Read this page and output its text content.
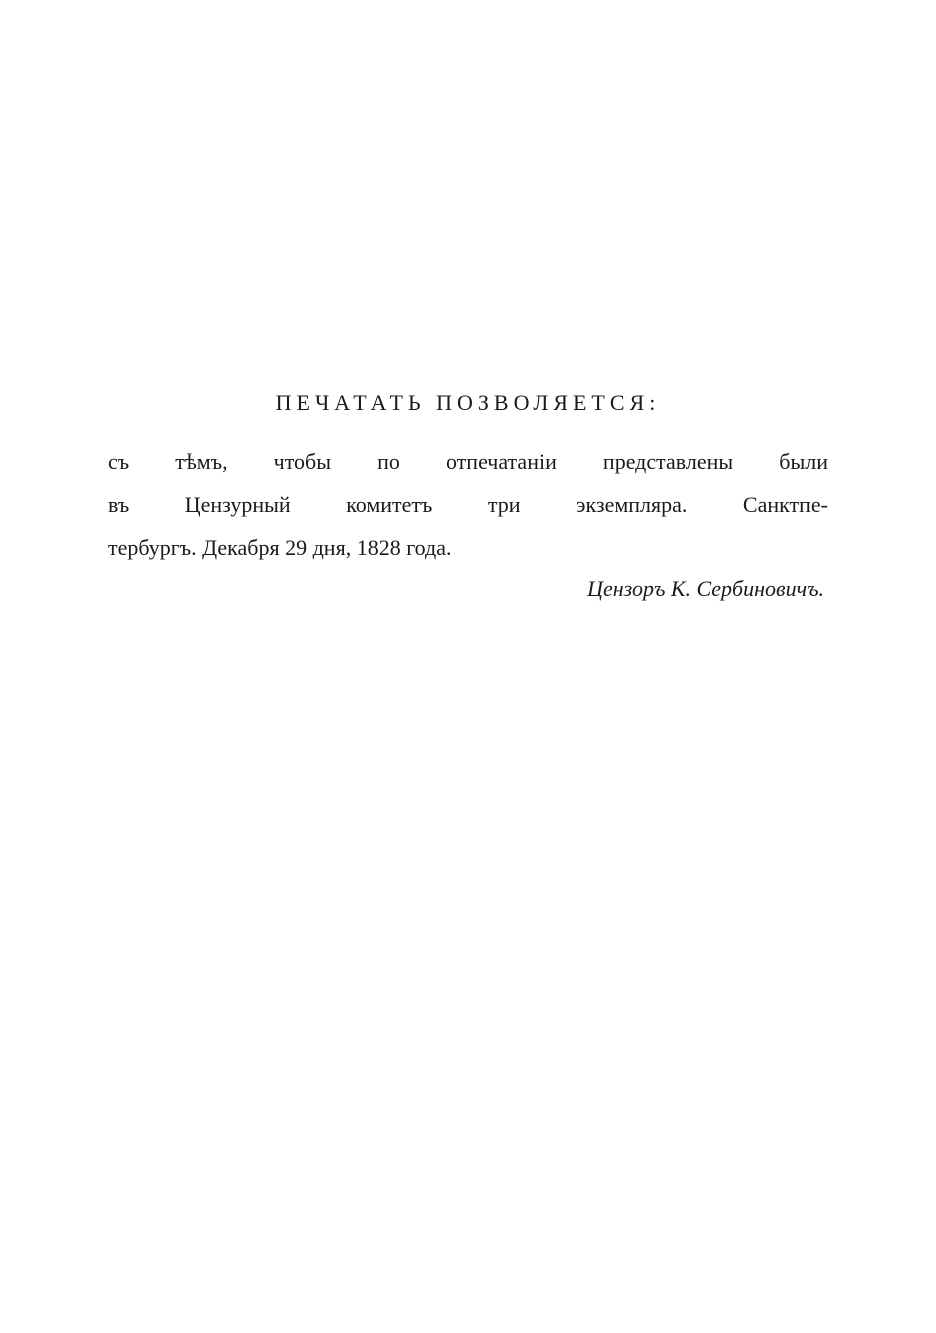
ПЕЧАТАТЬ ПОЗВОЛЯЕТСЯ:

съ тѣмъ, чтобы по отпечатаніи представлены были

въ Цензурный комитетъ три экземпляра. Санктпе-

тербургъ. Декабря 29 дня, 1828 года.

Цензоръ К. Сербиновичъ.
